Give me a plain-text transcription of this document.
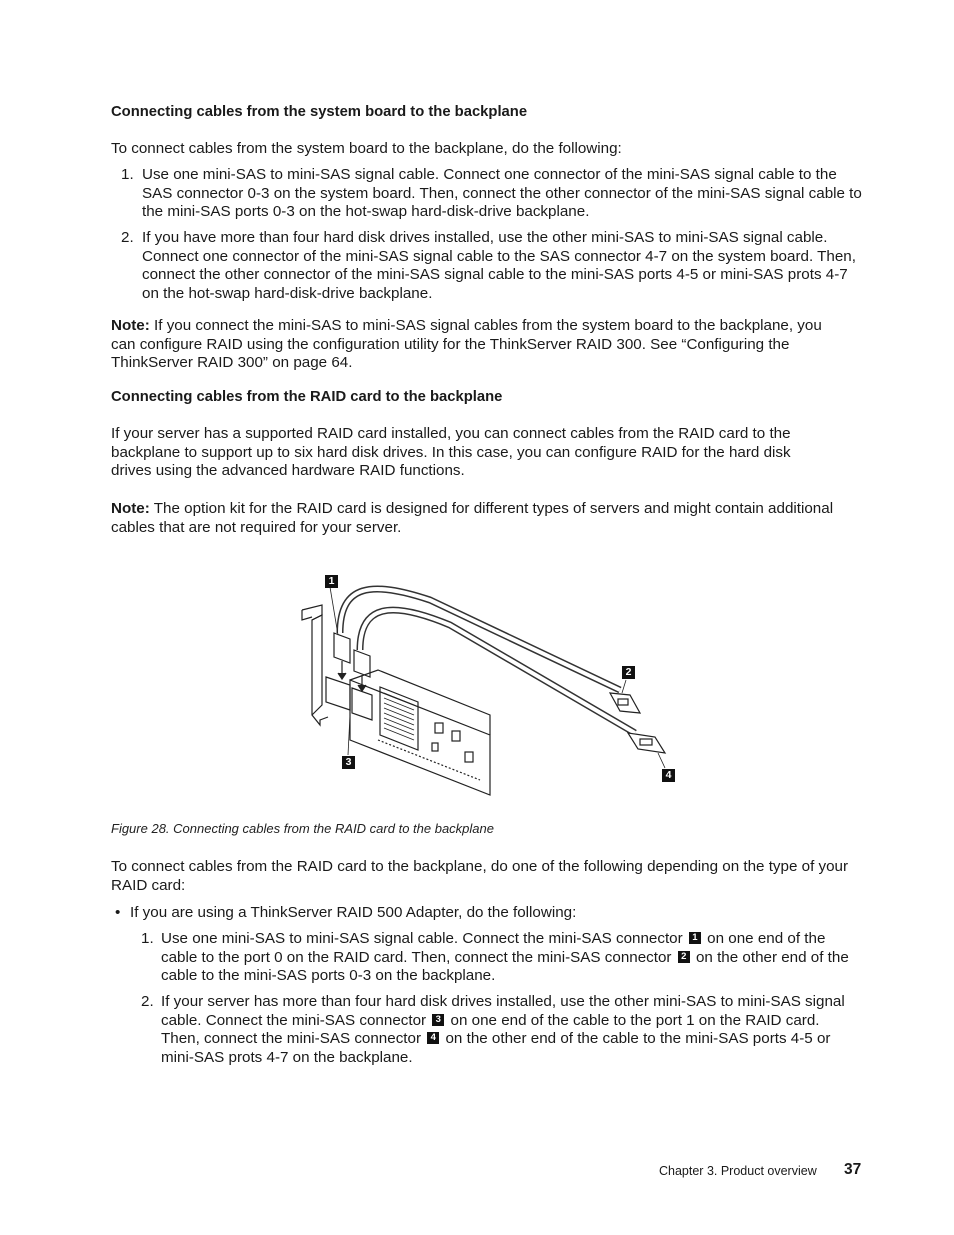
Connecting cables from the system board to the backplane

To connect cables from the system board to the backplane, do the following:

1. Use one mini-SAS to mini-SAS signal cable. Connect one connector of the mini-SAS signal cable to the SAS connector 0-3 on the system board. Then, connect the other connector of the mini-SAS signal cable to the mini-SAS ports 0-3 on the hot-swap hard-disk-drive backplane.

2. If you have more than four hard disk drives installed, use the other mini-SAS to mini-SAS signal cable. Connect one connector of the mini-SAS signal cable to the SAS connector 4-7 on the system board. Then, connect the other connector of the mini-SAS signal cable to the mini-SAS ports 4-5 or mini-SAS prots 4-7 on the hot-swap hard-disk-drive backplane.

Note: If you connect the mini-SAS to mini-SAS signal cables from the system board to the backplane, you can configure RAID using the configuration utility for the ThinkServer RAID 300. See “Configuring the ThinkServer RAID 300” on page 64.

Connecting cables from the RAID card to the backplane

If your server has a supported RAID card installed, you can connect cables from the RAID card to the backplane to support up to six hard disk drives. In this case, you can configure RAID for the hard disk drives using the advanced hardware RAID functions.

Note: The option kit for the RAID card is designed for different types of servers and might contain additional cables that are not required for your server.

1
2
3
4
Figure 28. Connecting cables from the RAID card to the backplane

To connect cables from the RAID card to the backplane, do one of the following depending on the type of your RAID card:

• If you are using a ThinkServer RAID 500 Adapter, do the following:

1. Use one mini-SAS to mini-SAS signal cable. Connect the mini-SAS connector 1 on one end of the cable to the port 0 on the RAID card. Then, connect the mini-SAS connector 2 on the other end of the cable to the mini-SAS ports 0-3 on the backplane.

2. If your server has more than four hard disk drives installed, use the other mini-SAS to mini-SAS signal cable. Connect the mini-SAS connector 3 on one end of the cable to the port 1 on the RAID card. Then, connect the mini-SAS connector 4 on the other end of the cable to the mini-SAS ports 4-5 or mini-SAS prots 4-7 on the backplane.

Chapter 3. Product overview 37
